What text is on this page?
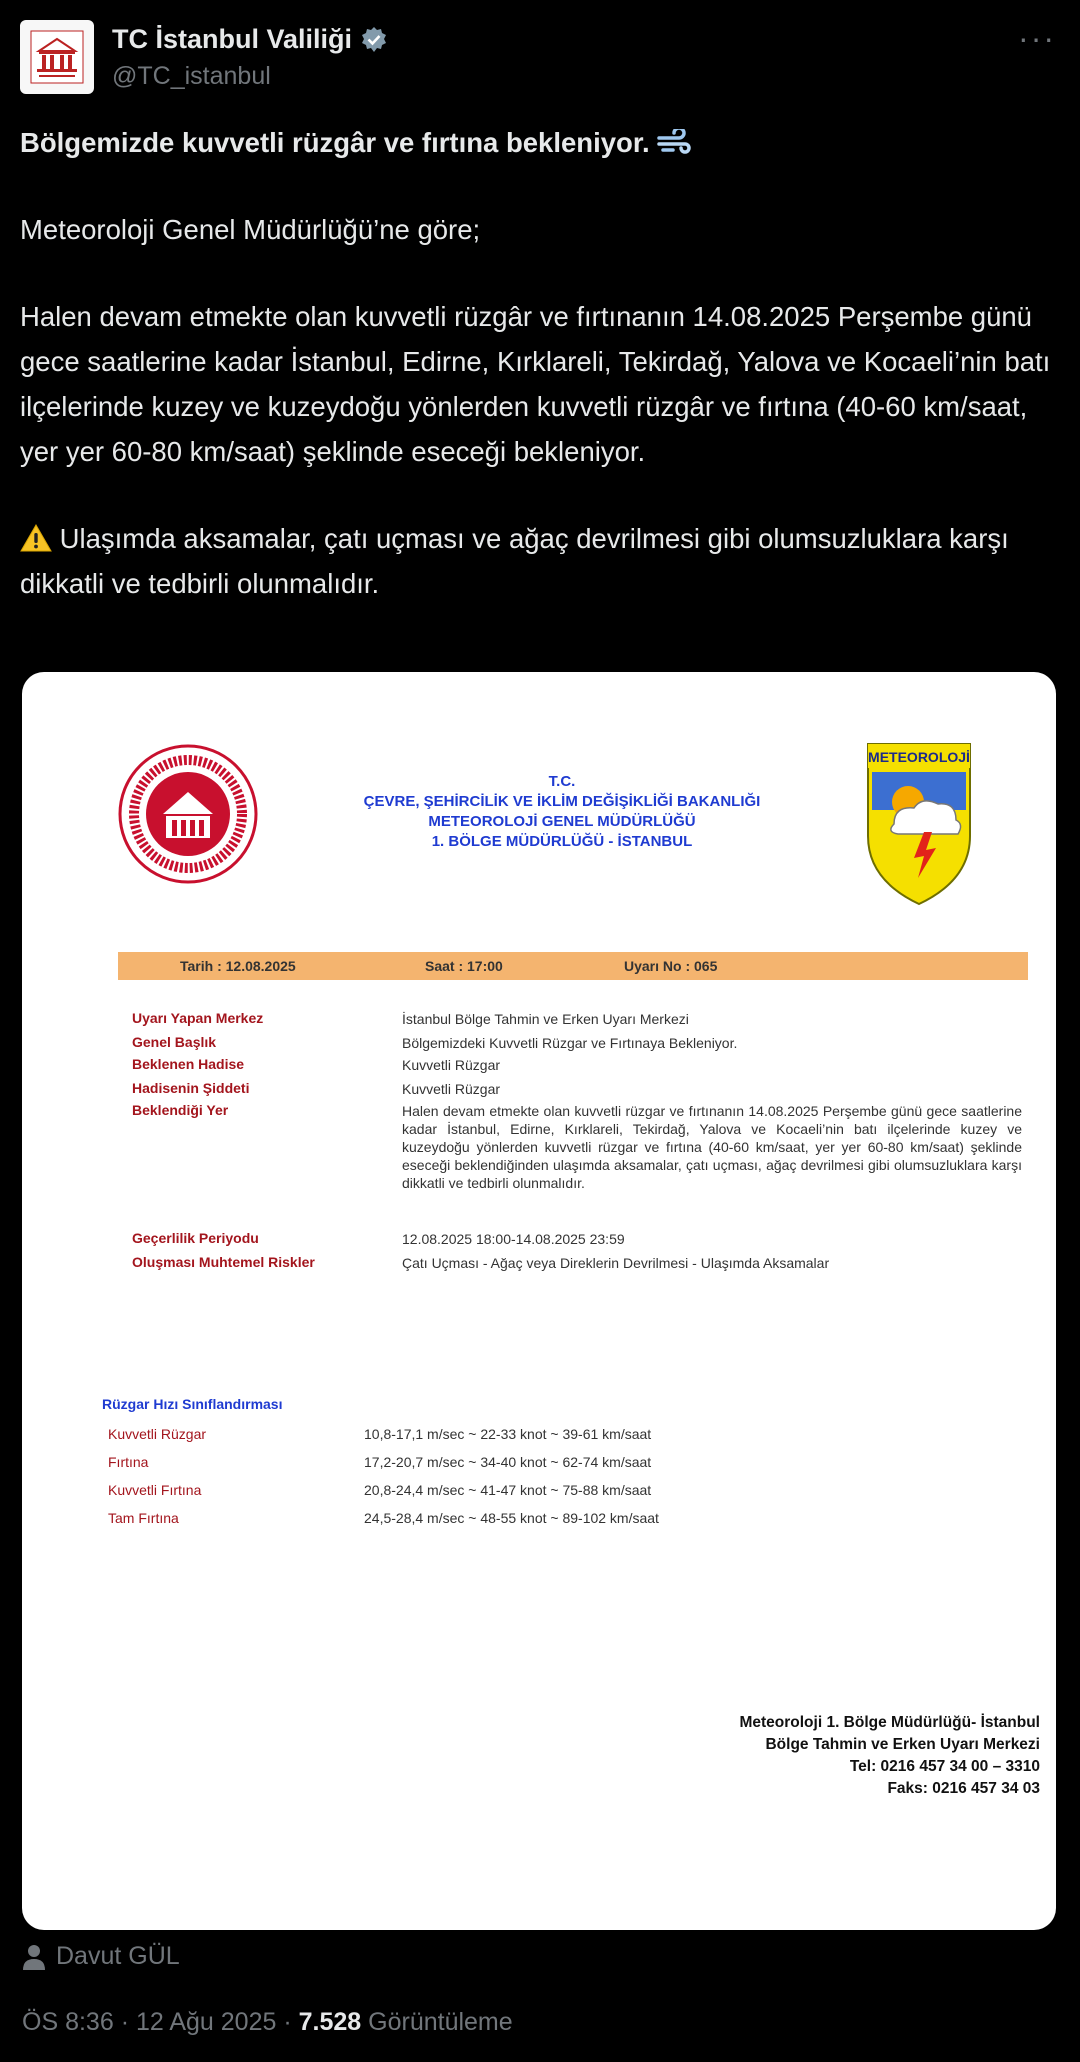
TC İstanbul Valiliği
@TC_istanbul
···

Bölgemizde kuvvetli rüzgâr ve fırtına bekleniyor.

Meteoroloji Genel Müdürlüğü’ne göre;

Halen devam etmekte olan kuvvetli rüzgâr ve fırtınanın 14.08.2025 Perşembe günü gece saatlerine kadar İstanbul, Edirne, Kırklareli, Tekirdağ, Yalova ve Kocaeli’nin batı ilçelerinde kuzey ve kuzeydoğu yönlerden kuvvetli rüzgâr ve fırtına (40-60 km/saat, yer yer 60-80 km/saat) şeklinde eseceği bekleniyor.

Ulaşımda aksamalar, çatı uçması ve ağaç devrilmesi gibi olumsuzluklara karşı dikkatli ve tedbirli olunmalıdır.

T.C.
ÇEVRE, ŞEHİRCİLİK VE İKLİM DEĞİŞİKLİĞİ BAKANLIĞI
METEOROLOJİ GENEL MÜDÜRLÜĞÜ
1. BÖLGE MÜDÜRLÜĞÜ - İSTANBUL
METEOROLOJİ
Tarih : 12.08.2025	Saat : 17:00	Uyarı No : 065
Uyarı Yapan Merkez	İstanbul Bölge Tahmin ve Erken Uyarı Merkezi
Genel Başlık	Bölgemizdeki Kuvvetli Rüzgar ve Fırtınaya Bekleniyor.
Beklenen Hadise	Kuvvetli Rüzgar
Hadisenin Şiddeti	Kuvvetli Rüzgar
Beklendiği Yer	Halen devam etmekte olan kuvvetli rüzgar ve fırtınanın 14.08.2025 Perşembe günü gece saatlerine kadar İstanbul, Edirne, Kırklareli, Tekirdağ, Yalova ve Kocaeli’nin batı ilçelerinde kuzey ve kuzeydoğu yönlerden kuvvetli rüzgar ve fırtına (40-60 km/saat, yer yer 60-80 km/saat) şeklinde eseceği beklendiğinden ulaşımda aksamalar, çatı uçması, ağaç devrilmesi gibi olumsuzluklara karşı dikkatli ve tedbirli olunmalıdır.
Geçerlilik Periyodu	12.08.2025 18:00-14.08.2025 23:59
Oluşması Muhtemel Riskler	Çatı Uçması - Ağaç veya Direklerin Devrilmesi - Ulaşımda Aksamalar
Rüzgar Hızı Sınıflandırması
Kuvvetli Rüzgar	10,8-17,1 m/sec ~ 22-33 knot ~ 39-61 km/saat
Fırtına	17,2-20,7 m/sec ~ 34-40 knot ~ 62-74 km/saat
Kuvvetli Fırtına	20,8-24,4 m/sec ~ 41-47 knot ~ 75-88 km/saat
Tam Fırtına	24,5-28,4 m/sec ~ 48-55 knot ~ 89-102 km/saat
Meteoroloji 1. Bölge Müdürlüğü- İstanbul
Bölge Tahmin ve Erken Uyarı Merkezi
Tel: 0216 457 34 00 – 3310
Faks: 0216 457 34 03
Davut GÜL
ÖS 8:36 · 12 Ağu 2025 · 7.528 Görüntüleme
